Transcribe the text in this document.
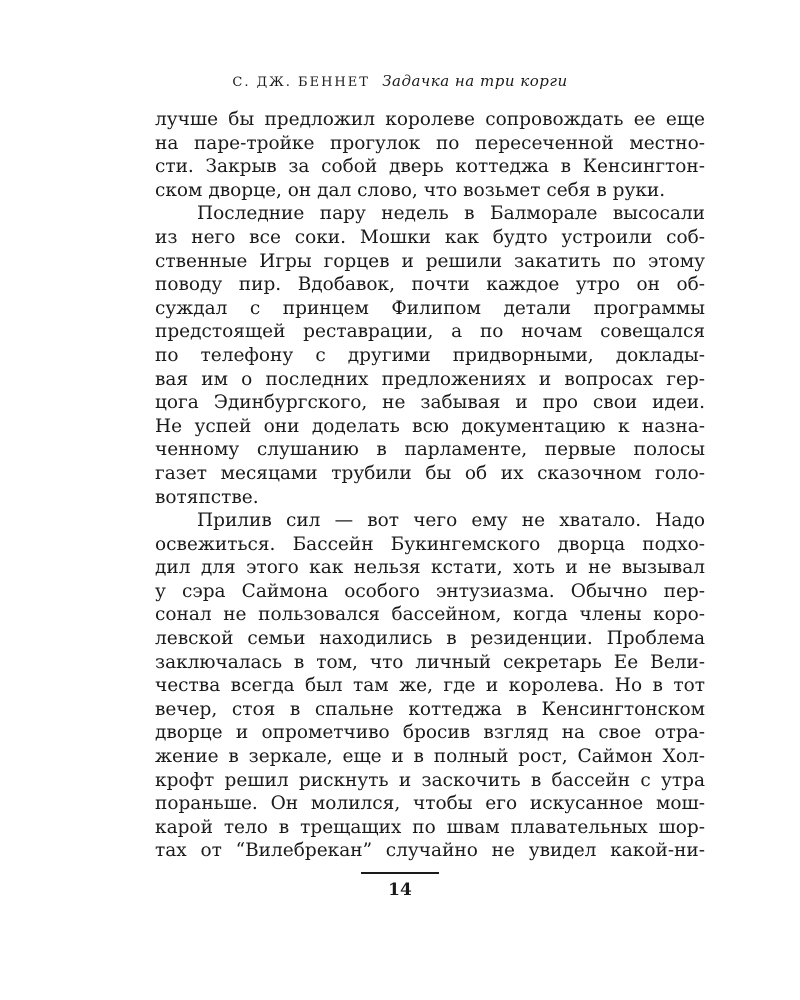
С. ДЖ. БЕННЕТ Задачка на три корги
лучше бы предложил королеве сопровождать ее еще
на паре-тройке прогулок по пересеченной местно-
сти. Закрыв за собой дверь коттеджа в Кенсингтон-
ском дворце, он дал слово, что возьмет себя в руки.
Последние пару недель в Балморале высосали
из него все соки. Мошки как будто устроили соб-
ственные Игры горцев и решили закатить по этому
поводу пир. Вдобавок, почти каждое утро он об-
суждал с принцем Филипом детали программы
предстоящей реставрации, а по ночам совещался
по телефону с другими придворными, доклады-
вая им о последних предложениях и вопросах гер-
цога Эдинбургского, не забывая и про свои идеи.
Не успей они доделать всю документацию к назна-
ченному слушанию в парламенте, первые полосы
газет месяцами трубили бы об их сказочном голо-
вотяпстве.
Прилив сил — вот чего ему не хватало. Надо
освежиться. Бассейн Букингемского дворца подхо-
дил для этого как нельзя кстати, хоть и не вызывал
у сэра Саймона особого энтузиазма. Обычно пер-
сонал не пользовался бассейном, когда члены коро-
левской семьи находились в резиденции. Проблема
заключалась в том, что личный секретарь Ее Вели-
чества всегда был там же, где и королева. Но в тот
вечер, стоя в спальне коттеджа в Кенсингтонском
дворце и опрометчиво бросив взгляд на свое отра-
жение в зеркале, еще и в полный рост, Саймон Хол-
крофт решил рискнуть и заскочить в бассейн с утра
пораньше. Он молился, чтобы его искусанное мош-
карой тело в трещащих по швам плавательных шор-
тах от “Вилебрекан” случайно не увидел какой-ни-
14
